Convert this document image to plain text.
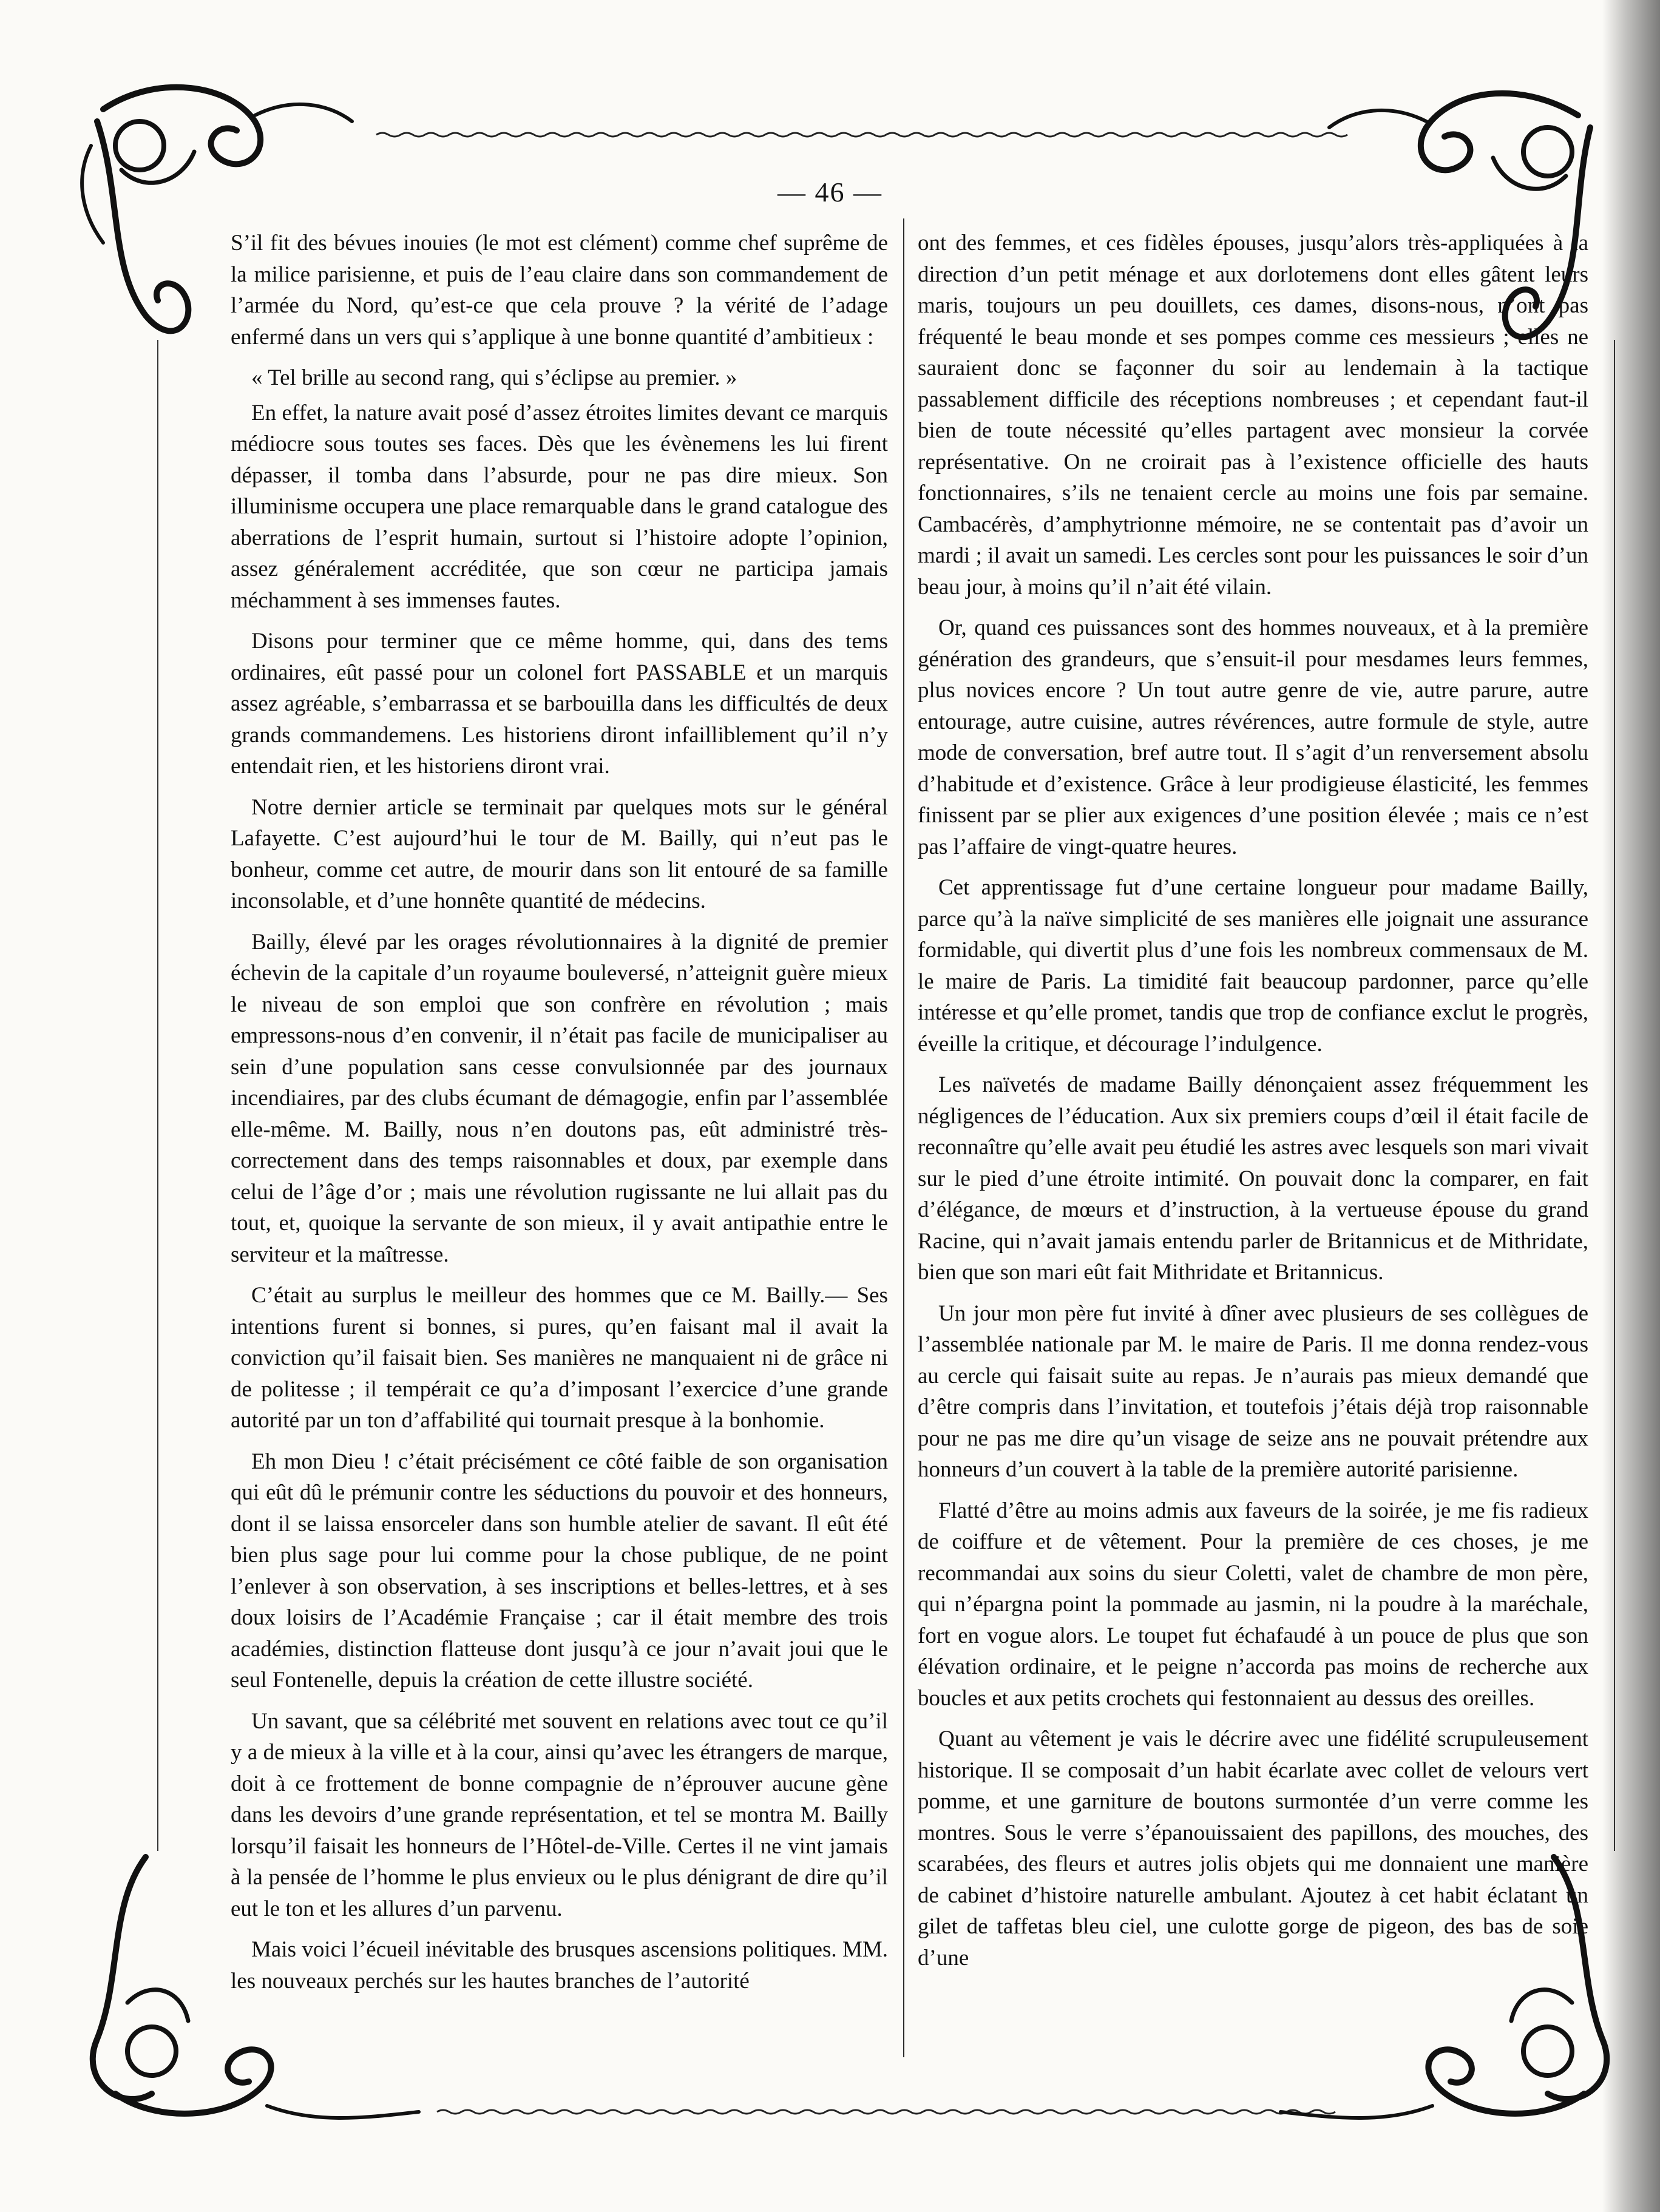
— 46 —

S’il fit des bévues inouies (le mot est clément) comme chef suprême de la milice parisienne, et puis de l’eau claire dans son commandement de l’armée du Nord, qu’est-ce que cela prouve ? la vérité de l’adage enfermé dans un vers qui s’applique à une bonne quantité d’ambitieux :

« Tel brille au second rang, qui s’éclipse au premier. »

En effet, la nature avait posé d’assez étroites limites devant ce marquis médiocre sous toutes ses faces. Dès que les évènemens les lui firent dépasser, il tomba dans l’absurde, pour ne pas dire mieux. Son illuminisme occupera une place remarquable dans le grand catalogue des aberrations de l’esprit humain, surtout si l’histoire adopte l’opinion, assez généralement accréditée, que son cœur ne participa jamais méchamment à ses immenses fautes.

Disons pour terminer que ce même homme, qui, dans des tems ordinaires, eût passé pour un colonel fort PASSABLE et un marquis assez agréable, s’embarrassa et se barbouilla dans les difficultés de deux grands commandemens. Les historiens diront infailliblement qu’il n’y entendait rien, et les historiens diront vrai.

Notre dernier article se terminait par quelques mots sur le général Lafayette. C’est aujourd’hui le tour de M. Bailly, qui n’eut pas le bonheur, comme cet autre, de mourir dans son lit entouré de sa famille inconsolable, et d’une honnête quantité de médecins.

Bailly, élevé par les orages révolutionnaires à la dignité de premier échevin de la capitale d’un royaume bouleversé, n’atteignit guère mieux le niveau de son emploi que son confrère en révolution ; mais empressons-nous d’en convenir, il n’était pas facile de municipaliser au sein d’une population sans cesse convulsionnée par des journaux incendiaires, par des clubs écumant de démagogie, enfin par l’assemblée elle-même. M. Bailly, nous n’en doutons pas, eût administré très-correctement dans des temps raisonnables et doux, par exemple dans celui de l’âge d’or ; mais une révolution rugissante ne lui allait pas du tout, et, quoique la servante de son mieux, il y avait antipathie entre le serviteur et la maîtresse.

C’était au surplus le meilleur des hommes que ce M. Bailly.— Ses intentions furent si bonnes, si pures, qu’en faisant mal il avait la conviction qu’il faisait bien. Ses manières ne manquaient ni de grâce ni de politesse ; il tempérait ce qu’a d’imposant l’exercice d’une grande autorité par un ton d’affabilité qui tournait presque à la bonhomie.

Eh mon Dieu ! c’était précisément ce côté faible de son organisation qui eût dû le prémunir contre les séductions du pouvoir et des honneurs, dont il se laissa ensorceler dans son humble atelier de savant. Il eût été bien plus sage pour lui comme pour la chose publique, de ne point l’enlever à son observation, à ses inscriptions et belles-lettres, et à ses doux loisirs de l’Académie Française ; car il était membre des trois académies, distinction flatteuse dont jusqu’à ce jour n’avait joui que le seul Fontenelle, depuis la création de cette illustre société.

Un savant, que sa célébrité met souvent en relations avec tout ce qu’il y a de mieux à la ville et à la cour, ainsi qu’avec les étrangers de marque, doit à ce frottement de bonne compagnie de n’éprouver aucune gène dans les devoirs d’une grande représentation, et tel se montra M. Bailly lorsqu’il faisait les honneurs de l’Hôtel-de-Ville. Certes il ne vint jamais à la pensée de l’homme le plus envieux ou le plus dénigrant de dire qu’il eut le ton et les allures d’un parvenu.

Mais voici l’écueil inévitable des brusques ascensions politiques. MM. les nouveaux perchés sur les hautes branches de l’autorité

ont des femmes, et ces fidèles épouses, jusqu’alors très-appliquées à la direction d’un petit ménage et aux dorlotemens dont elles gâtent leurs maris, toujours un peu douillets, ces dames, disons-nous, n’ont pas fréquenté le beau monde et ses pompes comme ces messieurs ; elles ne sauraient donc se façonner du soir au lendemain à la tactique passablement difficile des réceptions nombreuses ; et cependant faut-il bien de toute nécessité qu’elles partagent avec monsieur la corvée représentative. On ne croirait pas à l’existence officielle des hauts fonctionnaires, s’ils ne tenaient cercle au moins une fois par semaine. Cambacérès, d’amphytrionne mémoire, ne se contentait pas d’avoir un mardi ; il avait un samedi. Les cercles sont pour les puissances le soir d’un beau jour, à moins qu’il n’ait été vilain.

Or, quand ces puissances sont des hommes nouveaux, et à la première génération des grandeurs, que s’ensuit-il pour mesdames leurs femmes, plus novices encore ? Un tout autre genre de vie, autre parure, autre entourage, autre cuisine, autres révérences, autre formule de style, autre mode de conversation, bref autre tout. Il s’agit d’un renversement absolu d’habitude et d’existence. Grâce à leur prodigieuse élasticité, les femmes finissent par se plier aux exigences d’une position élevée ; mais ce n’est pas l’affaire de vingt-quatre heures.

Cet apprentissage fut d’une certaine longueur pour madame Bailly, parce qu’à la naïve simplicité de ses manières elle joignait une assurance formidable, qui divertit plus d’une fois les nombreux commensaux de M. le maire de Paris. La timidité fait beaucoup pardonner, parce qu’elle intéresse et qu’elle promet, tandis que trop de confiance exclut le progrès, éveille la critique, et décourage l’indulgence.

Les naïvetés de madame Bailly dénonçaient assez fréquemment les négligences de l’éducation. Aux six premiers coups d’œil il était facile de reconnaître qu’elle avait peu étudié les astres avec lesquels son mari vivait sur le pied d’une étroite intimité. On pouvait donc la comparer, en fait d’élégance, de mœurs et d’instruction, à la vertueuse épouse du grand Racine, qui n’avait jamais entendu parler de Britannicus et de Mithridate, bien que son mari eût fait Mithridate et Britannicus.

Un jour mon père fut invité à dîner avec plusieurs de ses collègues de l’assemblée nationale par M. le maire de Paris. Il me donna rendez-vous au cercle qui faisait suite au repas. Je n’aurais pas mieux demandé que d’être compris dans l’invitation, et toutefois j’étais déjà trop raisonnable pour ne pas me dire qu’un visage de seize ans ne pouvait prétendre aux honneurs d’un couvert à la table de la première autorité parisienne.

Flatté d’être au moins admis aux faveurs de la soirée, je me fis radieux de coiffure et de vêtement. Pour la première de ces choses, je me recommandai aux soins du sieur Coletti, valet de chambre de mon père, qui n’épargna point la pommade au jasmin, ni la poudre à la maréchale, fort en vogue alors. Le toupet fut échafaudé à un pouce de plus que son élévation ordinaire, et le peigne n’accorda pas moins de recherche aux boucles et aux petits crochets qui festonnaient au dessus des oreilles.

Quant au vêtement je vais le décrire avec une fidélité scrupuleusement historique. Il se composait d’un habit écarlate avec collet de velours vert pomme, et une garniture de boutons surmontée d’un verre comme les montres. Sous le verre s’épanouissaient des papillons, des mouches, des scarabées, des fleurs et autres jolis objets qui me donnaient une manière de cabinet d’histoire naturelle ambulant. Ajoutez à cet habit éclatant un gilet de taffetas bleu ciel, une culotte gorge de pigeon, des bas de soie d’une
